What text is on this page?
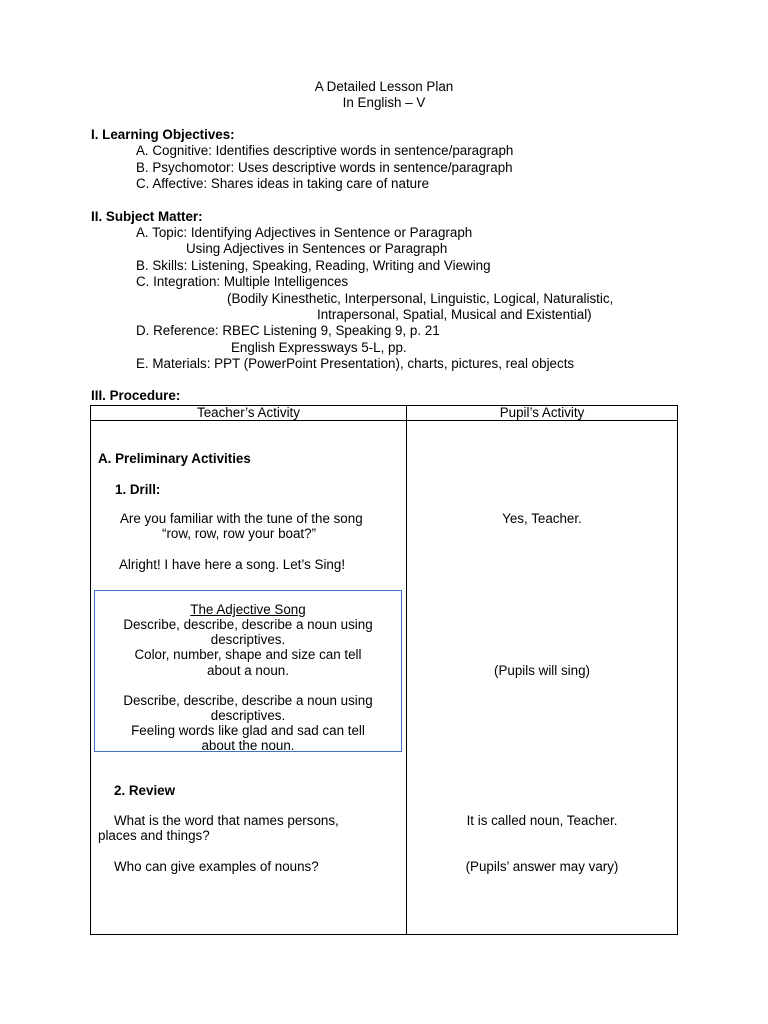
A Detailed Lesson Plan
In English – V
I. Learning Objectives:
A. Cognitive: Identifies descriptive words in sentence/paragraph
B. Psychomotor: Uses descriptive words in sentence/paragraph
C. Affective: Shares ideas in taking care of nature
II. Subject Matter:
A. Topic: Identifying Adjectives in Sentence or Paragraph
Using Adjectives in Sentences or Paragraph
B. Skills: Listening, Speaking, Reading, Writing and Viewing
C. Integration: Multiple Intelligences
(Bodily Kinesthetic, Interpersonal, Linguistic, Logical, Naturalistic,
Intrapersonal, Spatial, Musical and Existential)
D. Reference: RBEC Listening 9, Speaking 9, p. 21
English Expressways 5-L, pp.
E. Materials: PPT (PowerPoint Presentation), charts, pictures, real objects
III. Procedure:
Teacher’s Activity	Pupil’s Activity
A. Preliminary Activities
1. Drill:
Are you familiar with the tune of the song
“row, row, row your boat?”
Yes, Teacher.
Alright! I have here a song. Let’s Sing!
The Adjective Song
Describe, describe, describe a noun using
descriptives.
Color, number, shape and size can tell
about a noun.
Describe, describe, describe a noun using
descriptives.
Feeling words like glad and sad can tell
about the noun.
(Pupils will sing)
2. Review
What is the word that names persons,
places and things?
It is called noun, Teacher.
Who can give examples of nouns?	(Pupils’ answer may vary)
